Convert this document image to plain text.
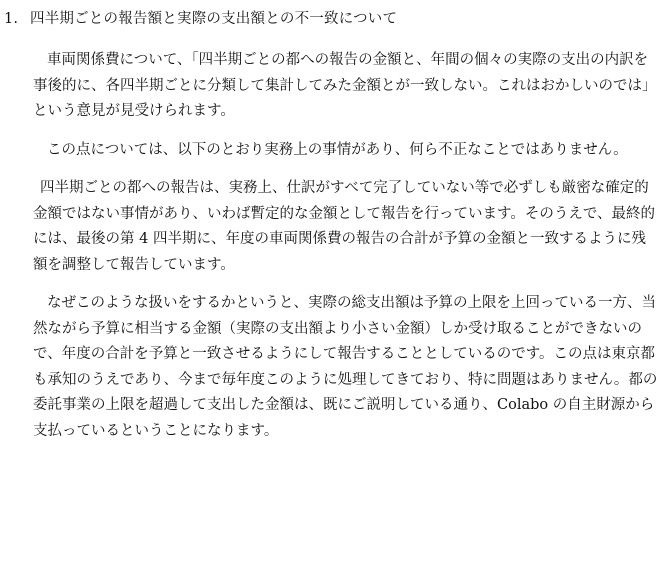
1. 四半期ごとの報告額と実際の支出額との不一致について
車両関係費について、「四半期ごとの都への報告の金額と、年間の個々の実際の支出の内訳を
事後的に、各四半期ごとに分類して集計してみた金額とが一致しない。これはおかしいのでは」
という意見が見受けられます。
この点については、以下のとおり実務上の事情があり、何ら不正なことではありません。
四半期ごとの都への報告は、実務上、仕訳がすべて完了していない等で必ずしも厳密な確定的
金額ではない事情があり、いわば暫定的な金額として報告を行っています。そのうえで、最終的
には、最後の第 4 四半期に、年度の車両関係費の報告の合計が予算の金額と一致するように残
額を調整して報告しています。
なぜこのような扱いをするかというと、実際の総支出額は予算の上限を上回っている一方、当
然ながら予算に相当する金額（実際の支出額より小さい金額）しか受け取ることができないの
で、年度の合計を予算と一致させるようにして報告することとしているのです。この点は東京都
も承知のうえであり、今まで毎年度このように処理してきており、特に問題はありません。都の
委託事業の上限を超過して支出した金額は、既にご説明している通り、Colabo の自主財源から
支払っているということになります。
